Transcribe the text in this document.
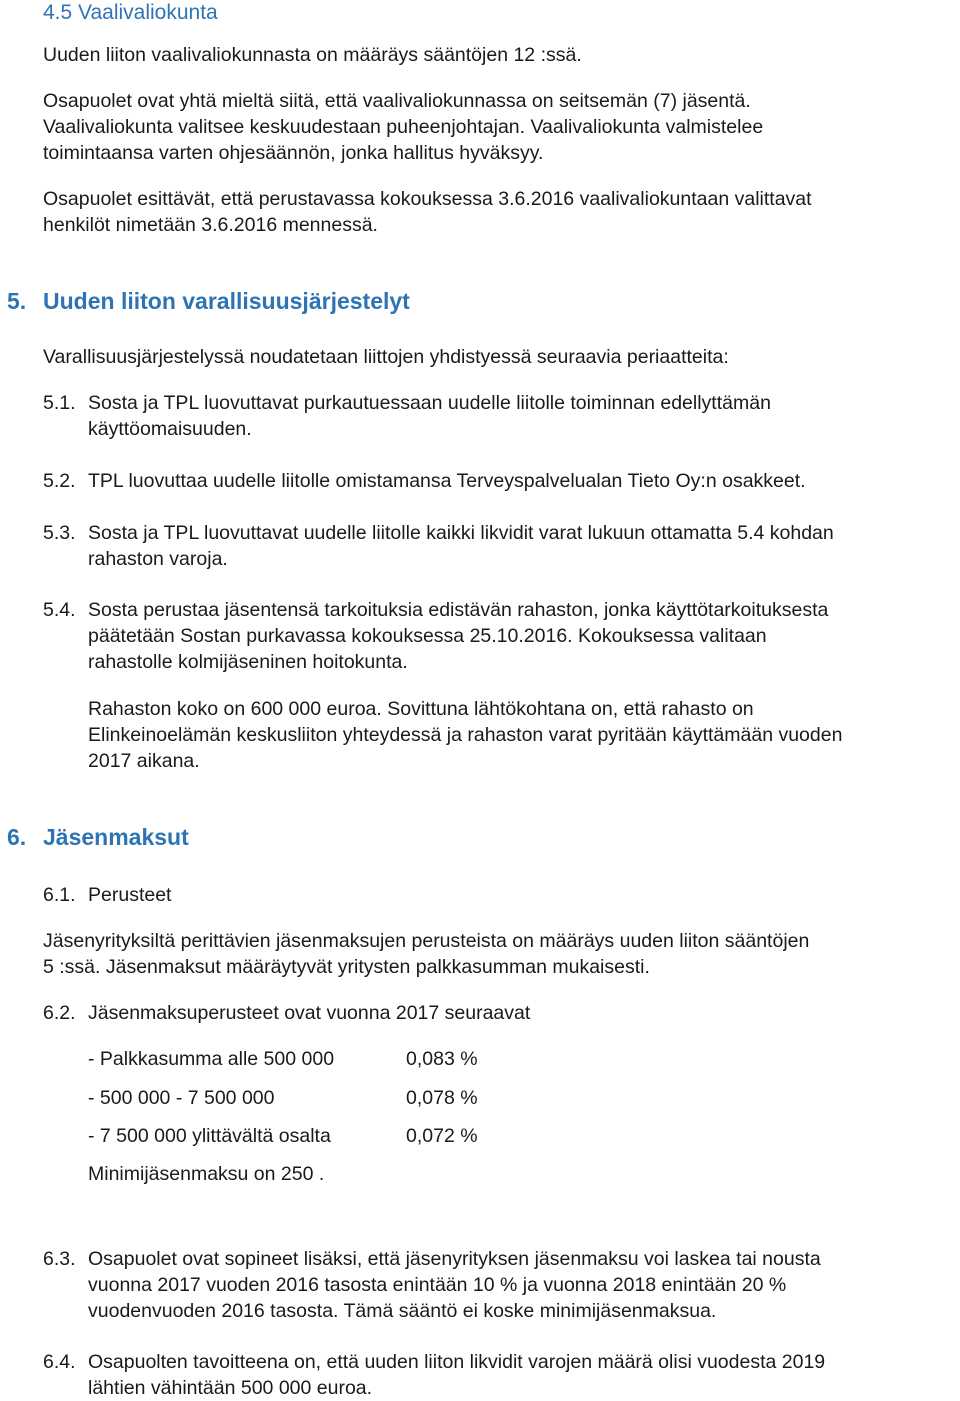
4.5 Vaalivaliokunta
Uuden liiton vaalivaliokunnasta on määräys sääntöjen 12 :ssä.
Osapuolet ovat yhtä mieltä siitä, että vaalivaliokunnassa on seitsemän (7) jäsentä.
Vaalivaliokunta valitsee keskuudestaan puheenjohtajan. Vaalivaliokunta valmistelee
toimintaansa varten ohjesäännön, jonka hallitus hyväksyy.
Osapuolet esittävät, että perustavassa kokouksessa 3.6.2016 vaalivaliokuntaan valittavat
henkilöt nimetään 3.6.2016 mennessä.
5. Uuden liiton varallisuusjärjestelyt
Varallisuusjärjestelyssä noudatetaan liittojen yhdistyessä seuraavia periaatteita:
5.1. Sosta ja TPL luovuttavat purkautuessaan uudelle liitolle toiminnan edellyttämän
käyttöomaisuuden.
5.2. TPL luovuttaa uudelle liitolle omistamansa Terveyspalvelualan Tieto Oy:n osakkeet.
5.3. Sosta ja TPL luovuttavat uudelle liitolle kaikki likvidit varat lukuun ottamatta 5.4 kohdan
rahaston varoja.
5.4. Sosta perustaa jäsentensä tarkoituksia edistävän rahaston, jonka käyttötarkoituksesta
päätetään Sostan purkavassa kokouksessa 25.10.2016. Kokouksessa valitaan
rahastolle kolmijäseninen hoitokunta.
Rahaston koko on 600 000 euroa. Sovittuna lähtökohtana on, että rahasto on
Elinkeinoelämän keskusliiton yhteydessä ja rahaston varat pyritään käyttämään vuoden
2017 aikana.
6. Jäsenmaksut
6.1. Perusteet
Jäsenyrityksiltä perittävien jäsenmaksujen perusteista on määräys uuden liiton sääntöjen
5 :ssä. Jäsenmaksut määräytyvät yritysten palkkasumman mukaisesti.
6.2. Jäsenmaksuperusteet ovat vuonna 2017 seuraavat
- Palkkasumma alle 500 000	0,083 %
- 500 000 - 7 500 000	0,078 %
- 7 500 000 ylittävältä osalta	0,072 %
Minimijäsenmaksu on 250 .
6.3. Osapuolet ovat sopineet lisäksi, että jäsenyrityksen jäsenmaksu voi laskea tai nousta
vuonna 2017 vuoden 2016 tasosta enintään 10 % ja vuonna 2018 enintään 20 %
vuodenvuoden 2016 tasosta. Tämä sääntö ei koske minimijäsenmaksua.
6.4. Osapuolten tavoitteena on, että uuden liiton likvidit varojen määrä olisi vuodesta 2019
lähtien vähintään 500 000 euroa.
